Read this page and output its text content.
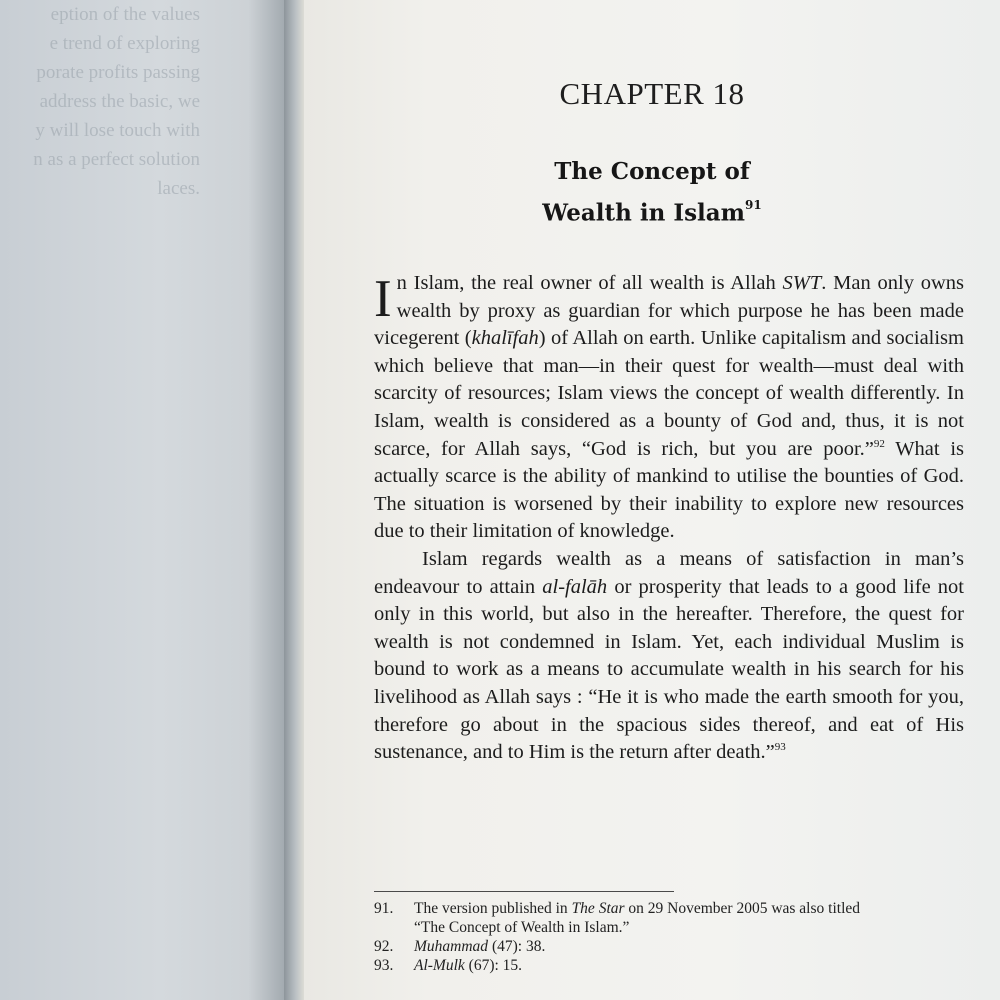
eption of the values
e trend of exploring
porate profits passing
address the basic, we
y will lose touch with
n as a perfect solution
laces.
CHAPTER 18
The Concept of
Wealth in Islam$^{91}$

In Islam, the real owner of all wealth is Allah SWT. Man only owns wealth by proxy as guardian for which purpose he has been made vicegerent (khalīfah) of Allah on earth. Unlike capitalism and socialism which believe that man—in their quest for wealth—must deal with scarcity of resources; Islam views the concept of wealth differently. In Islam, wealth is considered as a bounty of God and, thus, it is not scarce, for Allah says, “God is rich, but you are poor.”$^{92}$ What is actually scarce is the ability of mankind to utilise the bounties of God. The situation is worsened by their inability to explore new resources due to their limitation of knowledge.

Islam regards wealth as a means of satisfaction in man’s endeavour to attain al-falāh or prosperity that leads to a good life not only in this world, but also in the hereafter. Therefore, the quest for wealth is not condemned in Islam. Yet, each individual Muslim is bound to work as a means to accumulate wealth in his search for his livelihood as Allah says : “He it is who made the earth smooth for you, therefore go about in the spacious sides thereof, and eat of His sustenance, and to Him is the return after death.”$^{93}$

91.	The version published in The Star on 29 November 2005 was also titled “The Concept of Wealth in Islam.”
92.	Muhammad (47): 38.
93.	Al-Mulk (67): 15.
